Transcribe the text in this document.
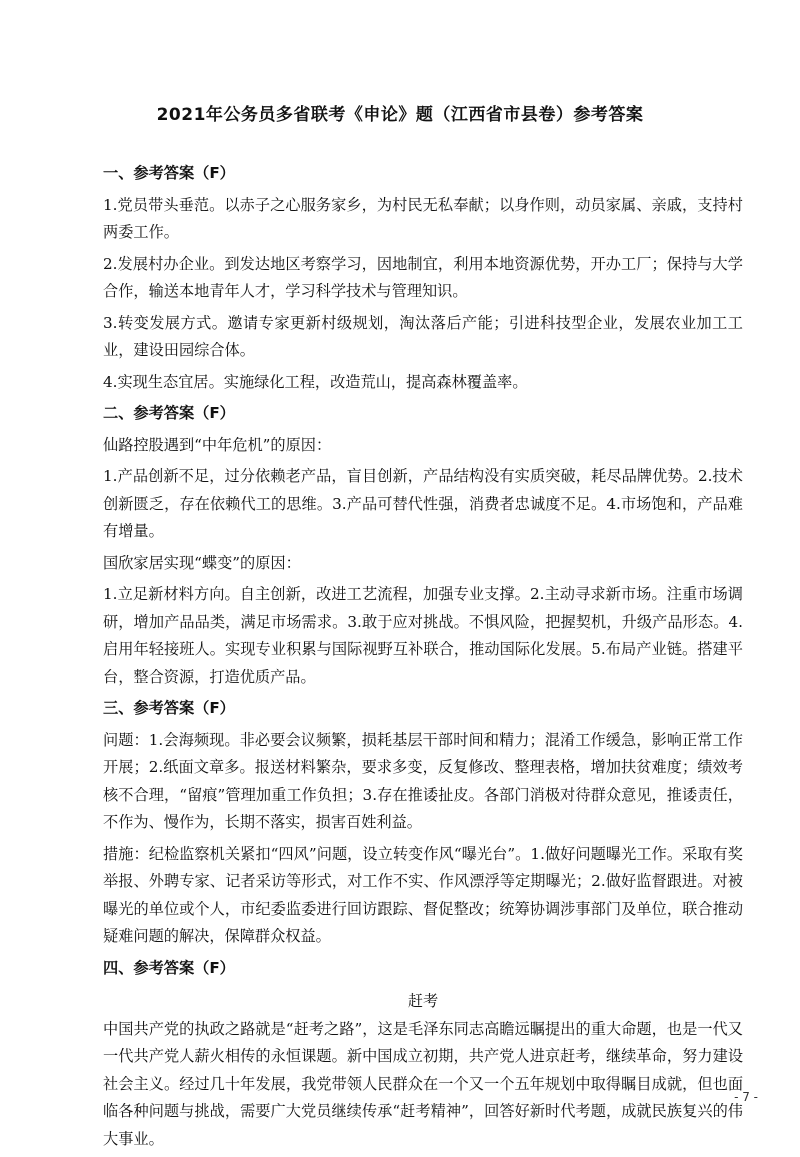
2021年公务员多省联考《申论》题（江西省市县卷）参考答案
一、参考答案（F）
1.党员带头垂范。以赤子之心服务家乡，为村民无私奉献；以身作则，动员家属、亲戚，支持村两委工作。
2.发展村办企业。到发达地区考察学习，因地制宜，利用本地资源优势，开办工厂；保持与大学合作，输送本地青年人才，学习科学技术与管理知识。
3.转变发展方式。邀请专家更新村级规划，淘汰落后产能；引进科技型企业，发展农业加工工业，建设田园综合体。
4.实现生态宜居。实施绿化工程，改造荒山，提高森林覆盖率。
二、参考答案（F）
仙路控股遇到“中年危机”的原因：
1.产品创新不足，过分依赖老产品，盲目创新，产品结构没有实质突破，耗尽品牌优势。2.技术创新匮乏，存在依赖代工的思维。3.产品可替代性强，消费者忠诚度不足。4.市场饱和，产品难有增量。
国欣家居实现“蝶变”的原因：
1.立足新材料方向。自主创新，改进工艺流程，加强专业支撑。2.主动寻求新市场。注重市场调研，增加产品品类，满足市场需求。3.敢于应对挑战。不惧风险，把握契机，升级产品形态。4.启用年轻接班人。实现专业积累与国际视野互补联合，推动国际化发展。5.布局产业链。搭建平台，整合资源，打造优质产品。
三、参考答案（F）
问题：1.会海频现。非必要会议频繁，损耗基层干部时间和精力；混淆工作缓急，影响正常工作开展；2.纸面文章多。报送材料繁杂，要求多变，反复修改、整理表格，增加扶贫难度；绩效考核不合理，“留痕”管理加重工作负担；3.存在推诿扯皮。各部门消极对待群众意见，推诿责任，不作为、慢作为，长期不落实，损害百姓利益。
措施：纪检监察机关紧扣“四风”问题，设立转变作风“曝光台”。1.做好问题曝光工作。采取有奖举报、外聘专家、记者采访等形式，对工作不实、作风漂浮等定期曝光；2.做好监督跟进。对被曝光的单位或个人，市纪委监委进行回访跟踪、督促整改；统筹协调涉事部门及单位，联合推动疑难问题的解决，保障群众权益。
四、参考答案（F）
赶考
中国共产党的执政之路就是“赶考之路”，这是毛泽东同志高瞻远瞩提出的重大命题，也是一代又一代共产党人薪火相传的永恒课题。新中国成立初期，共产党人进京赶考，继续革命，努力建设社会主义。经过几十年发展，我党带领人民群众在一个又一个五年规划中取得瞩目成就，但也面临各种问题与挑战，需要广大党员继续传承“赶考精神”，回答好新时代考题，成就民族复兴的伟大事业。
- 7 -
